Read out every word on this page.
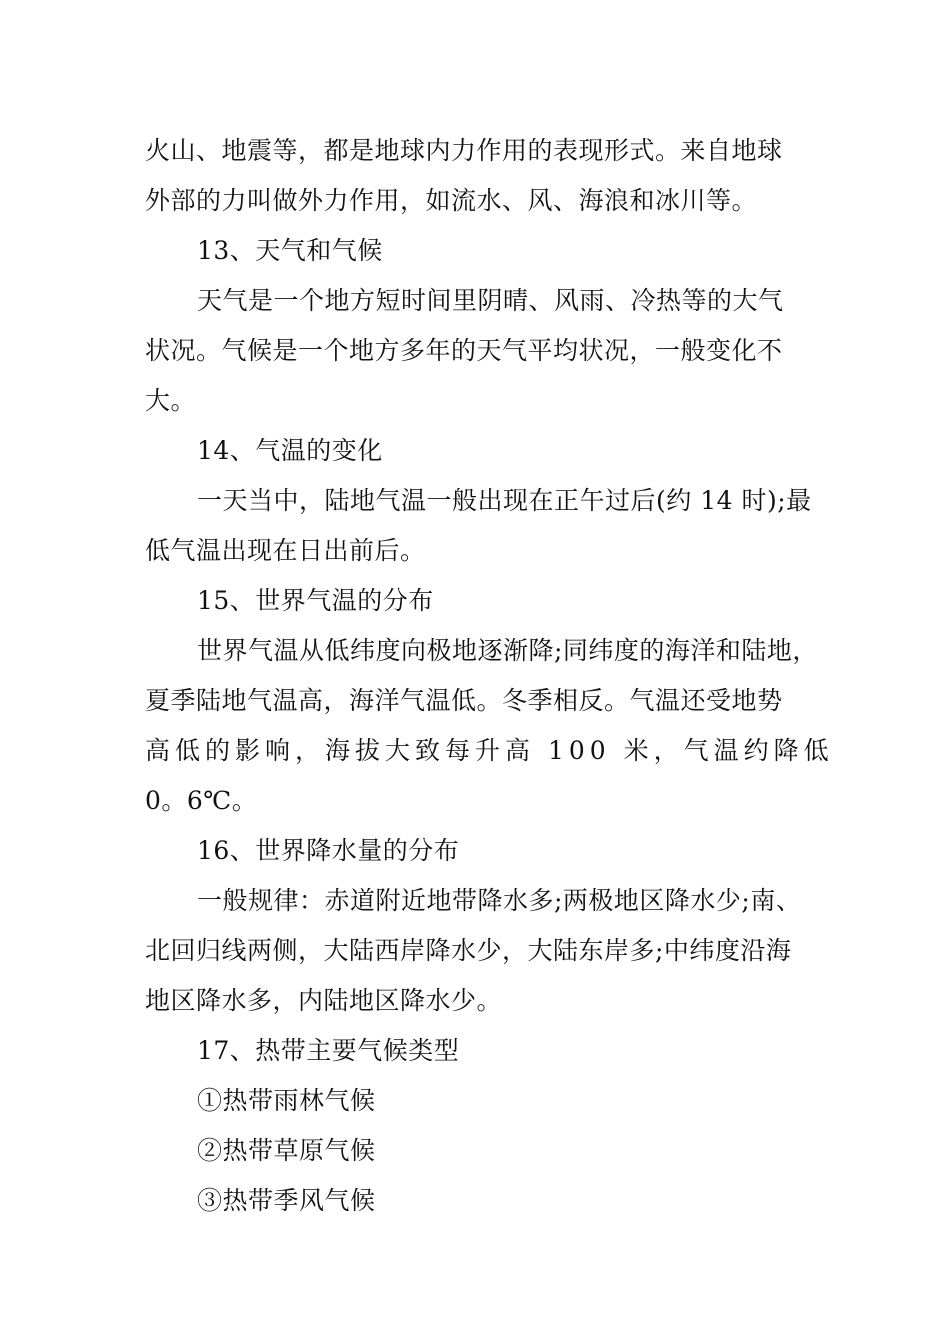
火山、地震等，都是地球内力作用的表现形式。来自地球
外部的力叫做外力作用，如流水、风、海浪和冰川等。
13、天气和气候
天气是一个地方短时间里阴晴、风雨、冷热等的大气
状况。气候是一个地方多年的天气平均状况，一般变化不
大。
14、气温的变化
一天当中，陆地气温一般出现在正午过后(约 14 时);最
低气温出现在日出前后。
15、世界气温的分布
世界气温从低纬度向极地逐渐降;同纬度的海洋和陆地，
夏季陆地气温高，海洋气温低。冬季相反。气温还受地势
高低的影响，海拔大致每升高 100 米，气温约降低
0。6℃。
16、世界降水量的分布
一般规律：赤道附近地带降水多;两极地区降水少;南、
北回归线两侧，大陆西岸降水少，大陆东岸多;中纬度沿海
地区降水多，内陆地区降水少。
17、热带主要气候类型
①热带雨林气候
②热带草原气候
③热带季风气候
